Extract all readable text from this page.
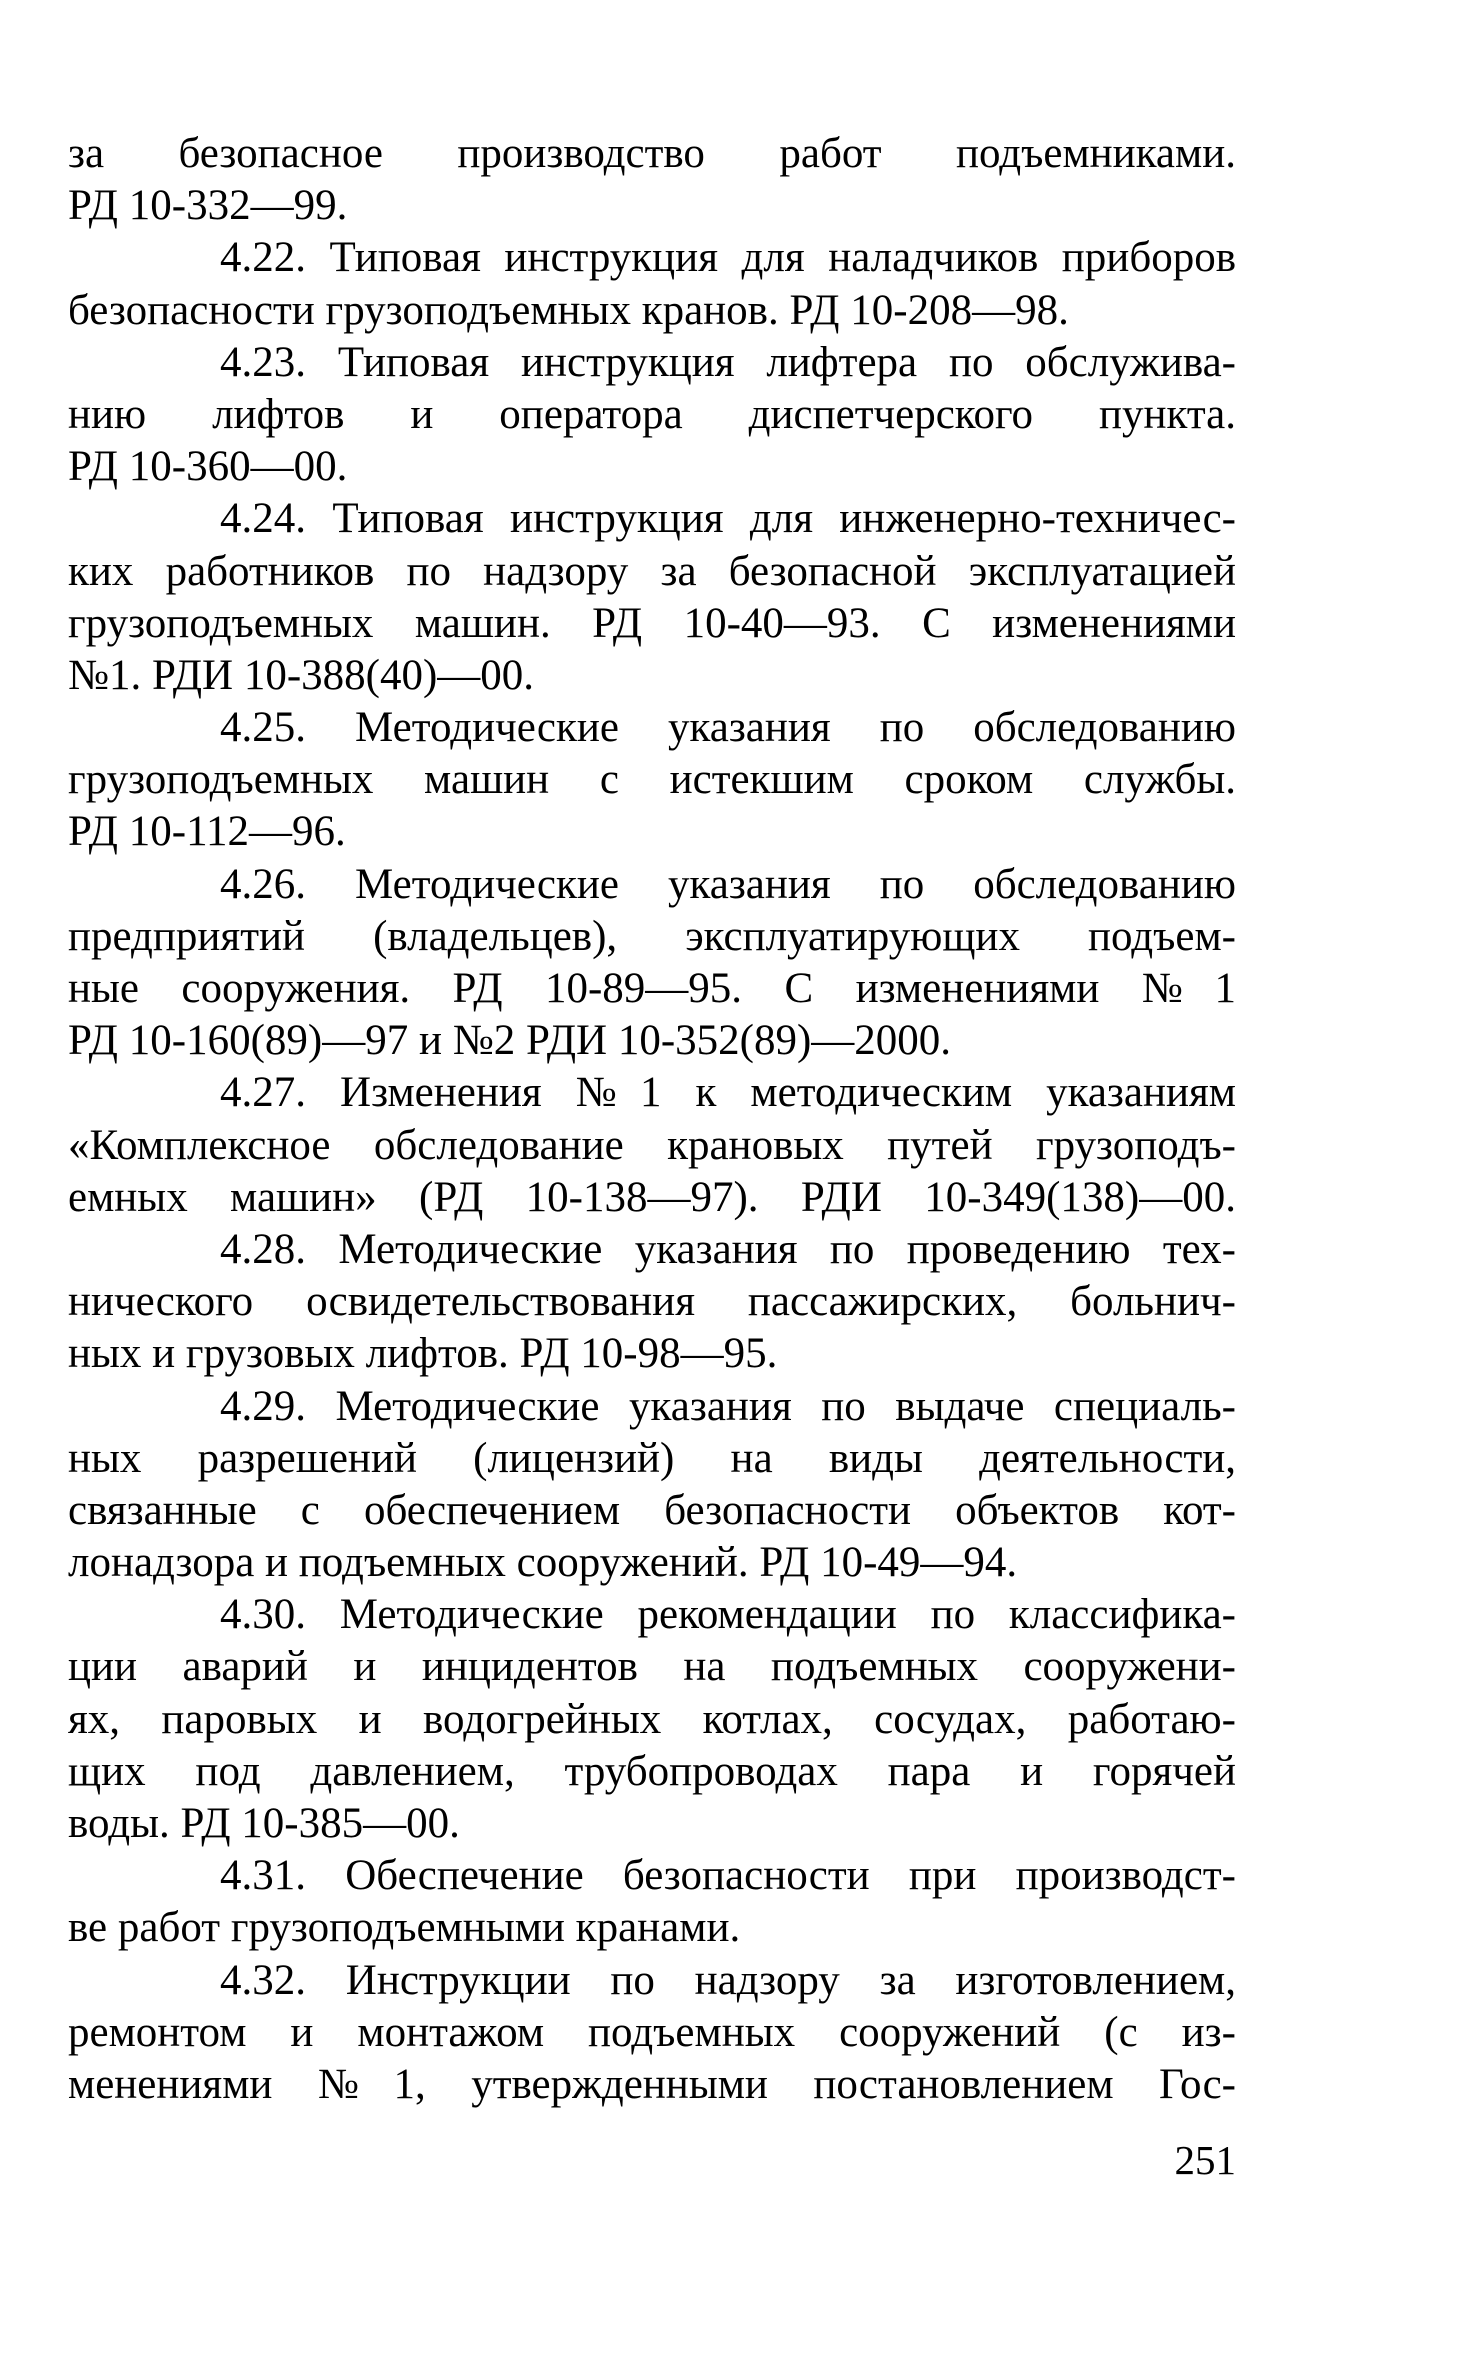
за безопасное производство работ подъемниками.
РД 10-332—99.
4.22. Типовая инструкция для наладчиков приборов
безопасности грузоподъемных кранов. РД 10-208—98.
4.23. Типовая инструкция лифтера по обслужива-
нию лифтов и оператора диспетчерского пункта.
РД 10-360—00.
4.24. Типовая инструкция для инженерно-техничес-
ких работников по надзору за безопасной эксплуатацией
грузоподъемных машин. РД 10-40—93. С изменениями
№1. РДИ 10-388(40)—00.
4.25. Методические указания по обследованию
грузоподъемных машин с истекшим сроком службы.
РД 10-112—96.
4.26. Методические указания по обследованию
предприятий (владельцев), эксплуатирующих подъем-
ные сооружения. РД 10-89—95. С изменениями №1
РД 10-160(89)—97 и №2 РДИ 10-352(89)—2000.
4.27. Изменения №1 к методическим указаниям
«Комплексное обследование крановых путей грузоподъ-
емных машин» (РД 10-138—97). РДИ 10-349(138)—00.
4.28. Методические указания по проведению тех-
нического освидетельствования пассажирских, больнич-
ных и грузовых лифтов. РД 10-98—95.
4.29. Методические указания по выдаче специаль-
ных разрешений (лицензий) на виды деятельности,
связанные с обеспечением безопасности объектов кот-
лонадзора и подъемных сооружений. РД 10-49—94.
4.30. Методические рекомендации по классифика-
ции аварий и инцидентов на подъемных сооружени-
ях, паровых и водогрейных котлах, сосудах, работаю-
щих под давлением, трубопроводах пара и горячей
воды. РД 10-385—00.
4.31. Обеспечение безопасности при производст-
ве работ грузоподъемными кранами.
4.32. Инструкции по надзору за изготовлением,
ремонтом и монтажом подъемных сооружений (с из-
менениями №1, утвержденными постановлением Гос-
251
